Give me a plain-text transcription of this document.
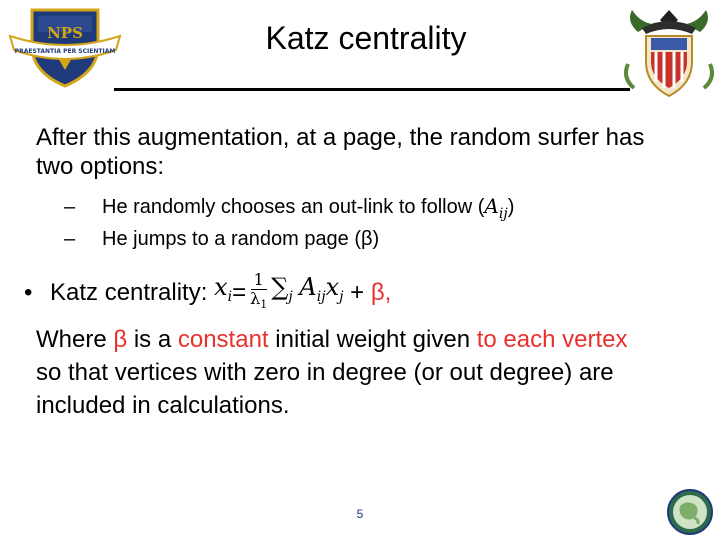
NPS
PRAESTANTIA PER SCIENTIAM	Katz centrality
After this augmentation, at a page, the random surfer has two options:
– He randomly chooses an out-link to follow $(A_{ij})$
– He jumps to a random page (β)
• Katz centrality: $x_i= \frac{1}{\lambda_1} \sum_j$ $A_{ij}x_j + \beta$,
Where β is a constant initial weight given to each vertex so that vertices with zero in degree (or out degree) are included in calculations.
5
